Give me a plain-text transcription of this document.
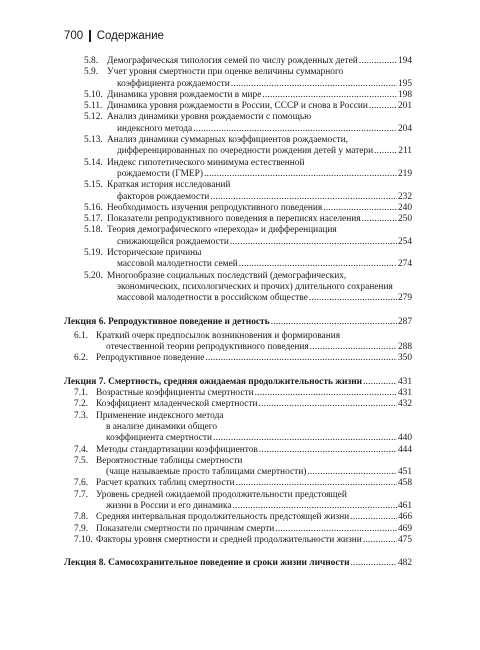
700 Содержание
5.8. Демографическая типология семей по числу рожденных детей .....	194
5.9. Учет уровня смертности при оценке величины суммарного
коэффициента рождаемости .....	195
5.10. Динамика уровня рождаемости в мире .....	198
5.11. Динамика уровня рождаемости в России, СССР и снова в России .....	201
5.12. Анализ динамики уровня рождаемости с помощью
индексного метода .....	204
5.13. Анализ динамики суммарных коэффициентов рождаемости,
дифференцированных по очередности рождения детей у матери .....	211
5.14. Индекс гипотетического минимума естественной
рождаемости (ГМЕР) .....	219
5.15. Краткая история исследований
факторов рождаемости .....	232
5.16. Необходимость изучения репродуктивного поведения .....	240
5.17. Показатели репродуктивного поведения в переписях населения .....	250
5.18. Теория демографического «перехода» и дифференциация
снижающейся рождаемости .....	254
5.19. Исторические причины
массовой малодетности семей .....	274
5.20. Многообразие социальных последствий (демографических,
экономических, психологических и прочих) длительного сохранения
массовой малодетности в российском обществе .....	279
Лекция 6. Репродуктивное поведение и детность .....	287
6.1. Краткий очерк предпосылок возникновения и формирования
отечественной теории репродуктивного поведения .....	288
6.2. Репродуктивное поведение .....	350
Лекция 7. Смертность, средняя ожидаемая продолжительность жизни .....	431
7.1. Возрастные коэффициенты смертности .....	431
7.2. Коэффициент младенческой смертности .....	432
7.3. Применение индексного метода
в анализе динамики общего
коэффициента смертности .....	440
7.4. Методы стандартизации коэффициентов .....	444
7.5. Вероятностные таблицы смертности
(чаще называемые просто таблицами смертности) .....	451
7.6. Расчет кратких таблиц смертности .....	458
7.7. Уровень средней ожидаемой продолжительности предстоящей
жизни в России и его динамика .....	461
7.8. Средняя интервальная продолжительность предстоящей жизни .....	466
7.9. Показатели смертности по причинам смерти .....	469
7.10. Факторы уровня смертности и средней продолжительности жизни .....	475
Лекция 8. Самосохранительное поведение и сроки жизни личности .....	482
